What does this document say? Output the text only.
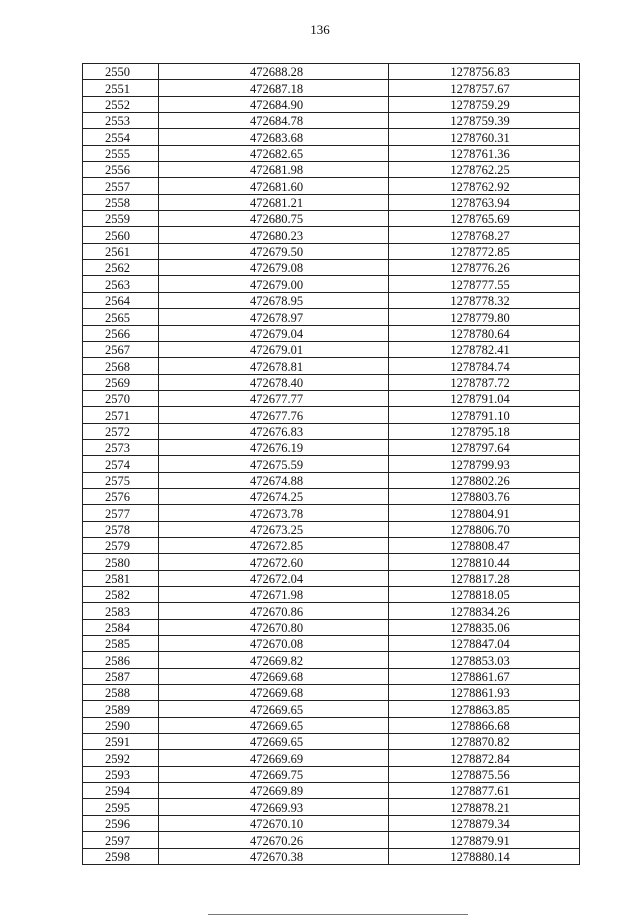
136
2550	472688.28	1278756.83
2551	472687.18	1278757.67
2552	472684.90	1278759.29
2553	472684.78	1278759.39
2554	472683.68	1278760.31
2555	472682.65	1278761.36
2556	472681.98	1278762.25
2557	472681.60	1278762.92
2558	472681.21	1278763.94
2559	472680.75	1278765.69
2560	472680.23	1278768.27
2561	472679.50	1278772.85
2562	472679.08	1278776.26
2563	472679.00	1278777.55
2564	472678.95	1278778.32
2565	472678.97	1278779.80
2566	472679.04	1278780.64
2567	472679.01	1278782.41
2568	472678.81	1278784.74
2569	472678.40	1278787.72
2570	472677.77	1278791.04
2571	472677.76	1278791.10
2572	472676.83	1278795.18
2573	472676.19	1278797.64
2574	472675.59	1278799.93
2575	472674.88	1278802.26
2576	472674.25	1278803.76
2577	472673.78	1278804.91
2578	472673.25	1278806.70
2579	472672.85	1278808.47
2580	472672.60	1278810.44
2581	472672.04	1278817.28
2582	472671.98	1278818.05
2583	472670.86	1278834.26
2584	472670.80	1278835.06
2585	472670.08	1278847.04
2586	472669.82	1278853.03
2587	472669.68	1278861.67
2588	472669.68	1278861.93
2589	472669.65	1278863.85
2590	472669.65	1278866.68
2591	472669.65	1278870.82
2592	472669.69	1278872.84
2593	472669.75	1278875.56
2594	472669.89	1278877.61
2595	472669.93	1278878.21
2596	472670.10	1278879.34
2597	472670.26	1278879.91
2598	472670.38	1278880.14
